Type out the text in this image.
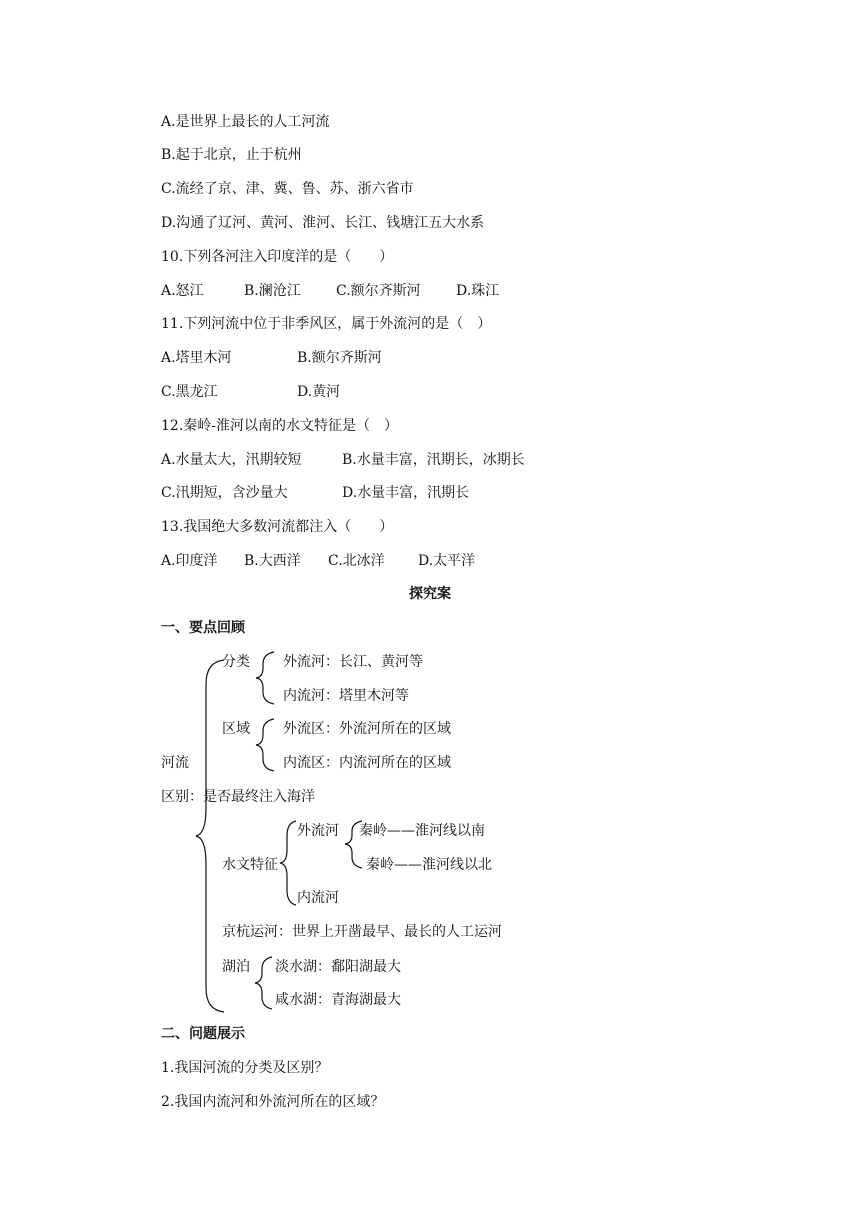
A.是世界上最长的人工河流
B.起于北京，止于杭州
C.流经了京、津、冀、鲁、苏、浙六省市
D.沟通了辽河、黄河、淮河、长江、钱塘江五大水系
10.下列各河注入印度洋的是（　　）
A.怒江	B.澜沧江	C.额尔齐斯河	D.珠江
11.下列河流中位于非季风区，属于外流河的是（　）
A.塔里木河	B.额尔齐斯河
C.黑龙江	D.黄河
12.秦岭-淮河以南的水文特征是（　）
A.水量太大，汛期较短	B.水量丰富，汛期长，冰期长
C.汛期短，含沙量大	D.水量丰富，汛期长
13.我国绝大多数河流都注入（　　）
A.印度洋 B.大西洋 C.北冰洋 D.太平洋
探究案
一、要点回顾
分类 外流河：长江、黄河等
内流河：塔里木河等
区域 外流区：外流河所在的区域
内流区：内流河所在的区域
河流
区别：是否最终注入海洋
外流河 秦岭——淮河线以南
水文特征	秦岭——淮河线以北
内流河
京杭运河：世界上开凿最早、最长的人工运河
湖泊 淡水湖：鄱阳湖最大
咸水湖：青海湖最大
二、问题展示
1.我国河流的分类及区别？
2.我国内流河和外流河所在的区域？
